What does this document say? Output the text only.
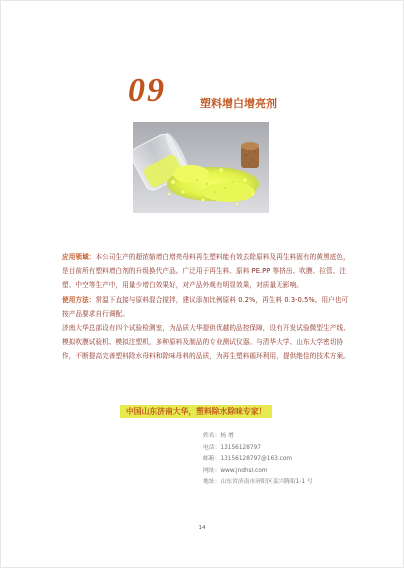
09	塑料增白增亮剂

应用领域：本公司生产的超浓缩增白增亮母料再生塑料能有效去除原料及再生料固有的黄黑底色，是目前所有塑料增白剂的升级换代产品。广泛用于再生料、原料 PE.PP 等挤出、吹膜、拉管、注塑、中空等生产中，用量少增白效果好，对产品外观有明显效果，对质量无影响。

使用方法：常温下直接与原料混合搅拌，建议添加比例原料 0.2%，再生料 0.3-0.5%。用户也可按产品要求自行调配。

济南大华总部设有四个试验检测室，为品质大华提供优越的品控保障，设有开发试验微型生产线、模拟吹膜试验机、模拟注塑机，多种原料及制品的专业测试仪器。与清华大学、山东大学密切协作，不断提高完善塑料除水母料和除味母料的品质，为再生塑料循环利用，提供绝佳的技术方案。

中国山东济南大华，塑料除水除味专家！
姓名：杨 增
电话：13156128797
邮箱：13156128797@163.com
网址：www.jndhsl.com
地址：山东省济南市济阳区姜兴腾街1-1 号
14
